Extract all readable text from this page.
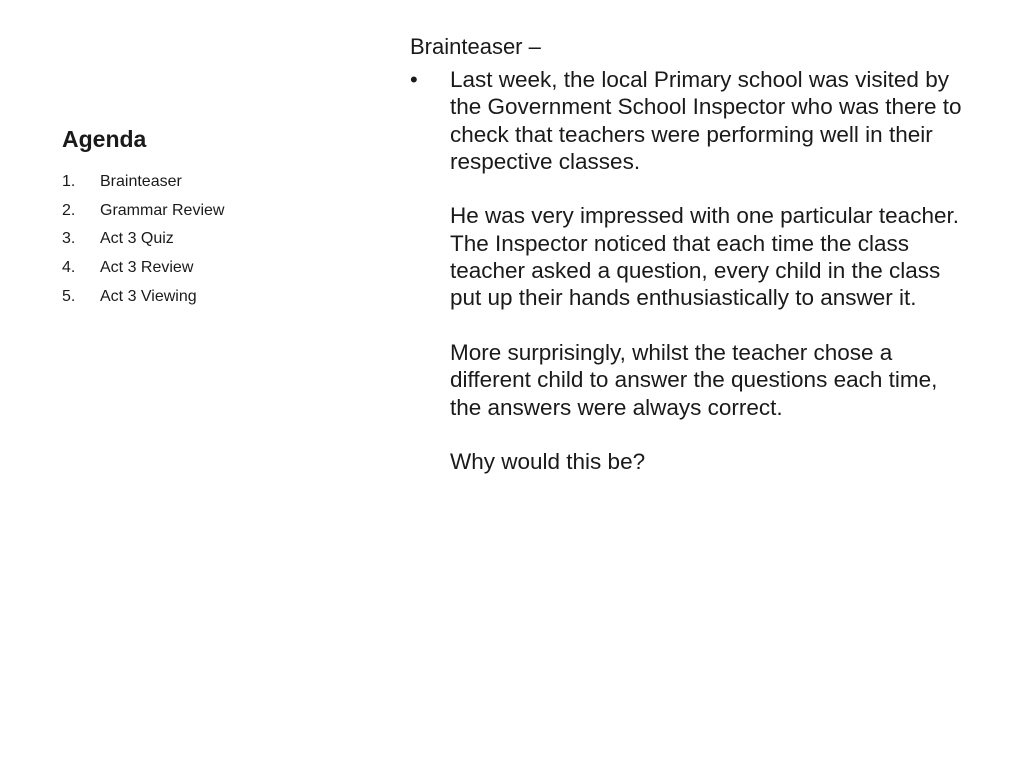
Agenda
1.	Brainteaser
2.	Grammar Review
3.	Act 3 Quiz
4.	Act 3 Review
5.	Act 3 Viewing
Brainteaser –
•	Last week, the local Primary school was visited by the Government School Inspector who was there to check that teachers were performing well in their respective classes.

He was very impressed with one particular teacher. The Inspector noticed that each time the class teacher asked a question, every child in the class put up their hands enthusiastically to answer it.

More surprisingly, whilst the teacher chose a different child to answer the questions each time, the answers were always correct.

Why would this be?
